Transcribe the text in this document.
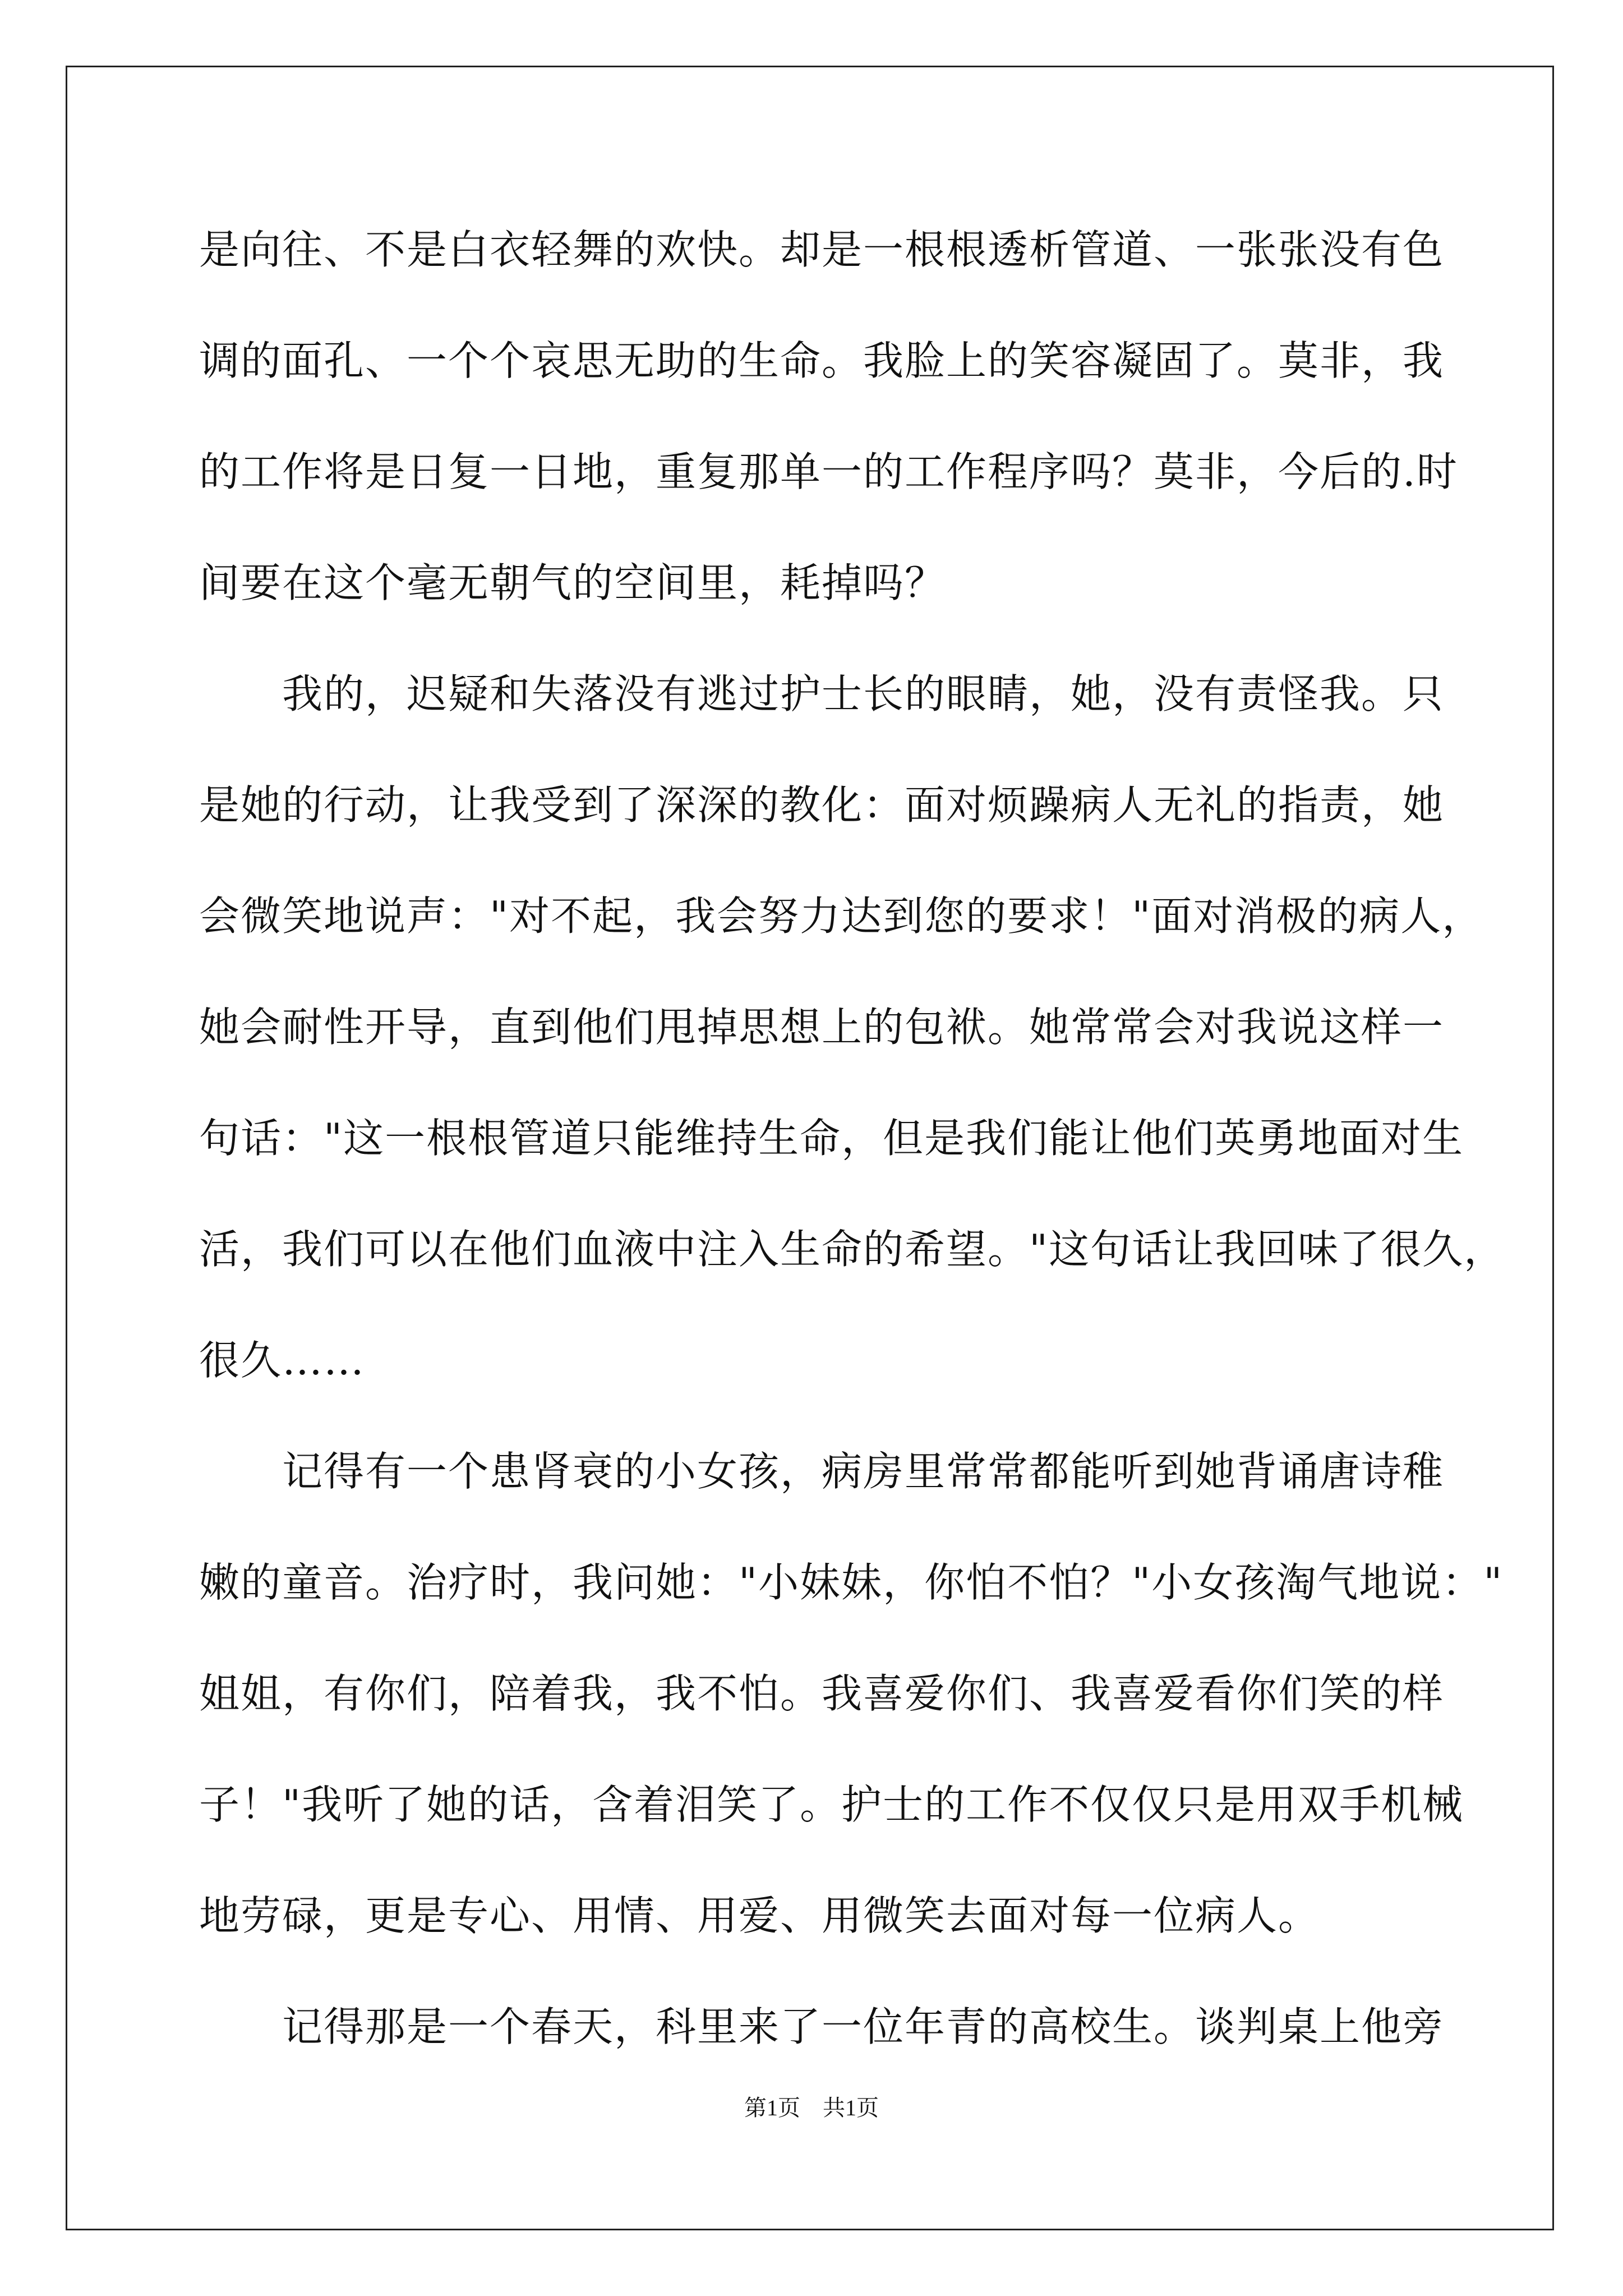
是向往、不是白衣轻舞的欢快。却是一根根透析管道、一张张没有色
调的面孔、一个个哀思无助的生命。我脸上的笑容凝固了。莫非，我
的工作将是日复一日地，重复那单一的工作程序吗？莫非，今后的.时
间要在这个毫无朝气的空间里，耗掉吗？
　　我的，迟疑和失落没有逃过护士长的眼睛，她，没有责怪我。只
是她的行动，让我受到了深深的教化：面对烦躁病人无礼的指责，她
会微笑地说声："对不起，我会努力达到您的要求！"面对消极的病人，
她会耐性开导，直到他们甩掉思想上的包袱。她常常会对我说这样一
句话："这一根根管道只能维持生命，但是我们能让他们英勇地面对生
活，我们可以在他们血液中注入生命的希望。"这句话让我回味了很久，
很久……
　　记得有一个患肾衰的小女孩，病房里常常都能听到她背诵唐诗稚
嫩的童音。治疗时，我问她："小妹妹，你怕不怕？"小女孩淘气地说："
姐姐，有你们，陪着我，我不怕。我喜爱你们、我喜爱看你们笑的样
子！"我听了她的话，含着泪笑了。护士的工作不仅仅只是用双手机械
地劳碌，更是专心、用情、用爱、用微笑去面对每一位病人。
　　记得那是一个春天，科里来了一位年青的高校生。谈判桌上他旁
第1页　共1页
